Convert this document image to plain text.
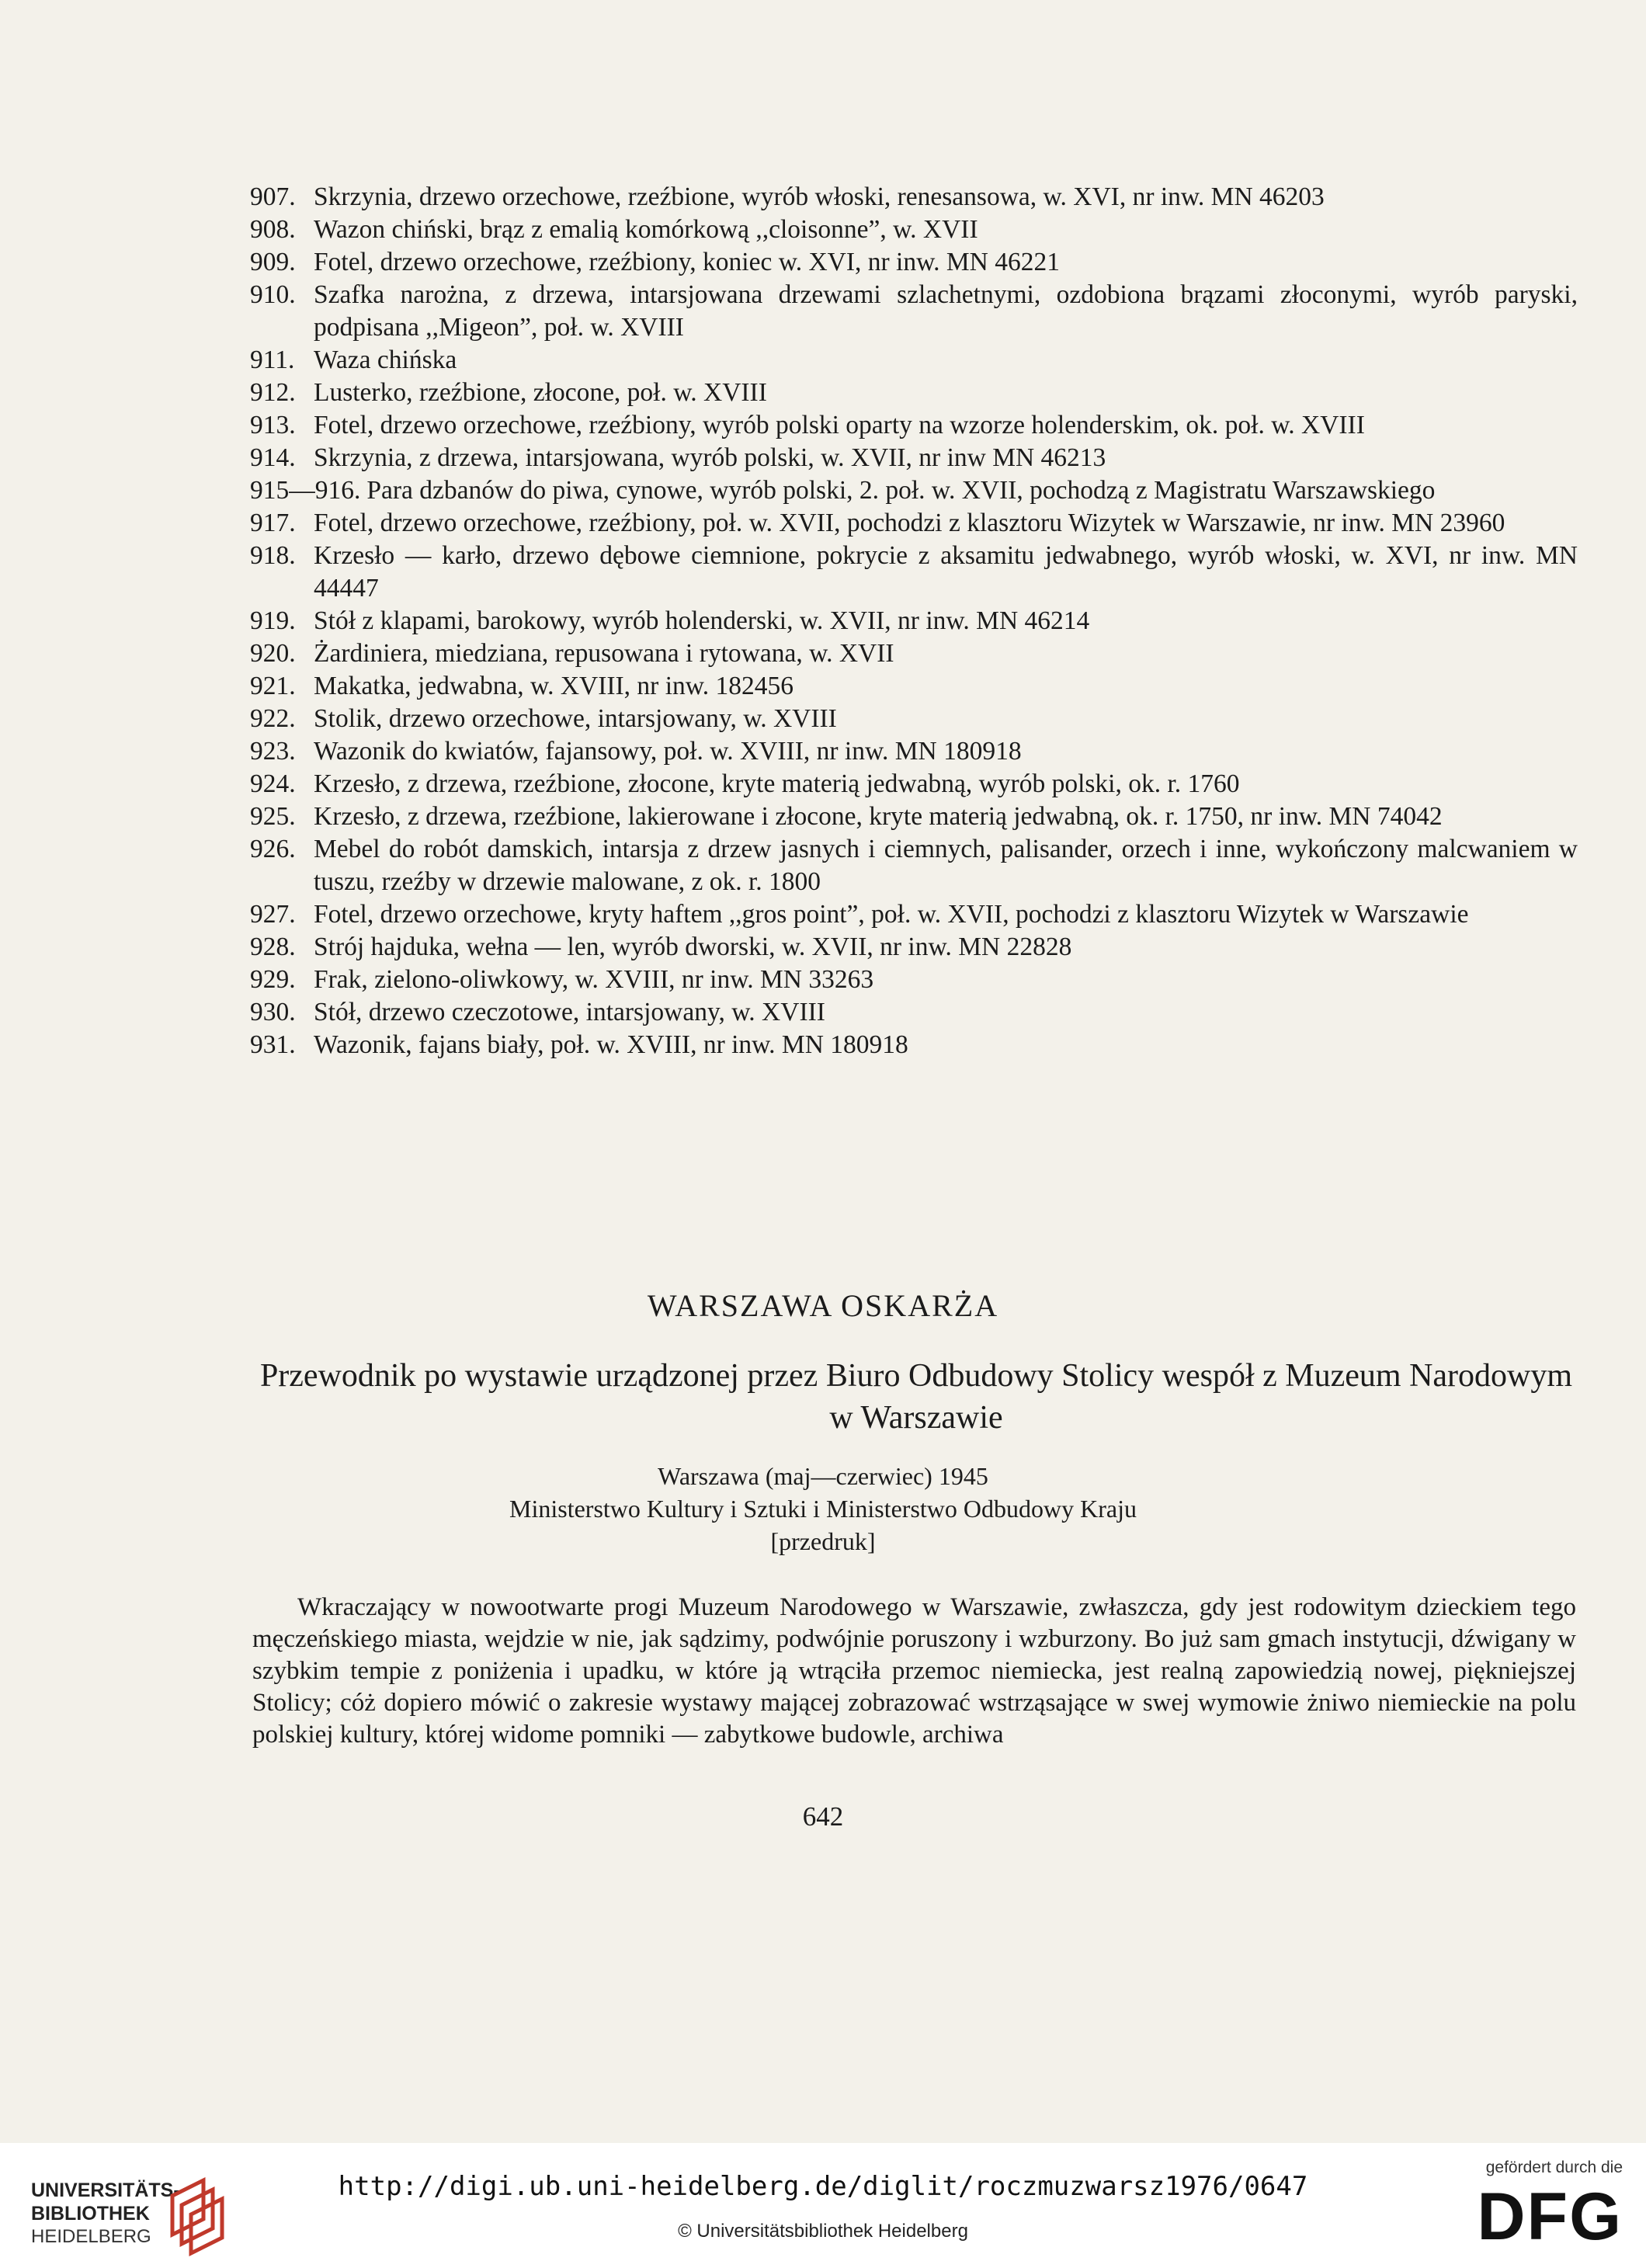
907. Skrzynia, drzewo orzechowe, rzeźbione, wyrób włoski, renesansowa, w. XVI, nr inw. MN 46203
908. Wazon chiński, brąz z emalią komórkową ,,cloisonne”, w. XVII
909. Fotel, drzewo orzechowe, rzeźbiony, koniec w. XVI, nr inw. MN 46221
910. Szafka narożna, z drzewa, intarsjowana drzewami szlachetnymi, ozdobiona brązami złoconymi, wyrób paryski, podpisana ,,Migeon”, poł. w. XVIII
911. Waza chińska
912. Lusterko, rzeźbione, złocone, poł. w. XVIII
913. Fotel, drzewo orzechowe, rzeźbiony, wyrób polski oparty na wzorze holenderskim, ok. poł. w. XVIII
914. Skrzynia, z drzewa, intarsjowana, wyrób polski, w. XVII, nr inw MN 46213
915—916. Para dzbanów do piwa, cynowe, wyrób polski, 2. poł. w. XVII, pochodzą z Magistratu Warszawskiego
917. Fotel, drzewo orzechowe, rzeźbiony, poł. w. XVII, pochodzi z klasztoru Wizytek w Warszawie, nr inw. MN 23960
918. Krzesło — karło, drzewo dębowe ciemnione, pokrycie z aksamitu jedwabnego, wyrób włoski, w. XVI, nr inw. MN 44447
919. Stół z klapami, barokowy, wyrób holenderski, w. XVII, nr inw. MN 46214
920. Żardiniera, miedziana, repusowana i rytowana, w. XVII
921. Makatka, jedwabna, w. XVIII, nr inw. 182456
922. Stolik, drzewo orzechowe, intarsjowany, w. XVIII
923. Wazonik do kwiatów, fajansowy, poł. w. XVIII, nr inw. MN 180918
924. Krzesło, z drzewa, rzeźbione, złocone, kryte materią jedwabną, wyrób polski, ok. r. 1760
925. Krzesło, z drzewa, rzeźbione, lakierowane i złocone, kryte materią jedwabną, ok. r. 1750, nr inw. MN 74042
926. Mebel do robót damskich, intarsja z drzew jasnych i ciemnych, palisander, orzech i inne, wykończony malcwaniem w tuszu, rzeźby w drzewie malowane, z ok. r. 1800
927. Fotel, drzewo orzechowe, kryty haftem ,,gros point”, poł. w. XVII, pochodzi z klasztoru Wizytek w Warszawie
928. Strój hajduka, wełna — len, wyrób dworski, w. XVII, nr inw. MN 22828
929. Frak, zielono-oliwkowy, w. XVIII, nr inw. MN 33263
930. Stół, drzewo czeczotowe, intarsjowany, w. XVIII
931. Wazonik, fajans biały, poł. w. XVIII, nr inw. MN 180918
WARSZAWA OSKARŻA
Przewodnik po wystawie urządzonej przez Biuro Odbudowy Stolicy wespół z Muzeum Narodowym w Warszawie
Warszawa (maj—czerwiec) 1945
Ministerstwo Kultury i Sztuki i Ministerstwo Odbudowy Kraju
[przedruk]

Wkraczający w nowootwarte progi Muzeum Narodowego w Warszawie, zwłaszcza, gdy jest rodowitym dzieckiem tego męczeńskiego miasta, wejdzie w nie, jak sądzimy, podwójnie poruszony i wzburzony. Bo już sam gmach instytucji, dźwigany w szybkim tempie z poniżenia i upadku, w które ją wtrąciła przemoc niemiecka, jest realną zapowiedzią nowej, piękniejszej Stolicy; cóż dopiero mówić o zakresie wystawy mającej zobrazować wstrząsające w swej wymowie żniwo niemieckie na polu polskiej kultury, której widome pomniki — zabytkowe budowle, archiwa

642
UNIVERSITÄTS-
BIBLIOTHEK
HEIDELBERG
http://digi.ub.uni-heidelberg.de/diglit/roczmuzwarsz1976/0647
© Universitätsbibliothek Heidelberg
gefördert durch die
DFG
